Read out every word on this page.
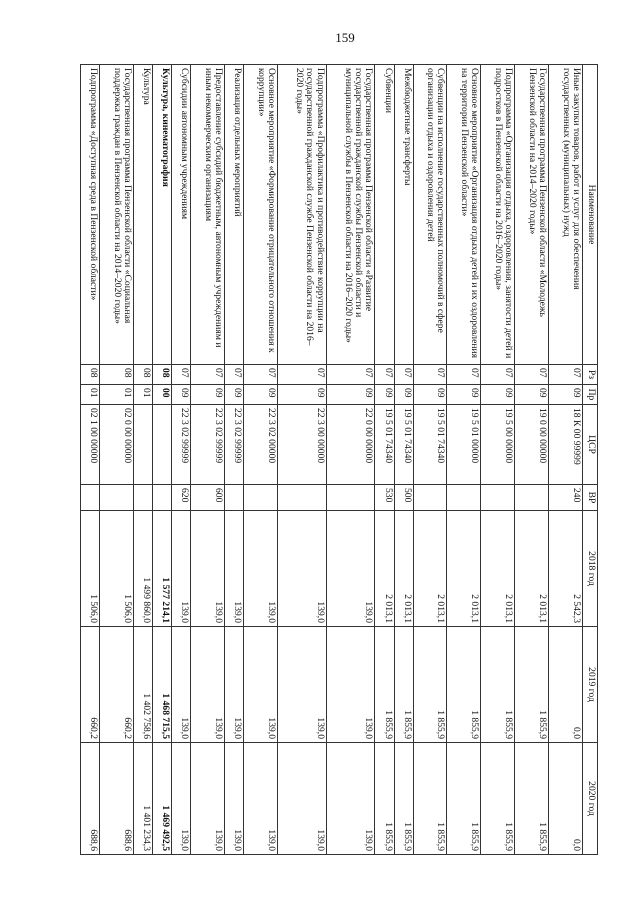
159
Наименование	Рз	Пр	ЦСР	ВР	2018 год	2019 год	2020 год
Иные закупки товаров, работ и услуг для обеспечения государственных (муниципальных) нужд	07	09	18 К 00 99999	240	2 542,3	0,0	0,0
Государственная программа Пензенской области «Молодежь Пензенской области на 2014–2020 годы»	07	09	19 0 00 00000		2 013,1	1 855,9	1 855,9
Подпрограмма «Организация отдыха, оздоровления, занятости детей и подростков в Пензенской области на 2016–2020 годы»	07	09	19 5 00 00000		2 013,1	1 855,9	1 855,9
Основное мероприятие «Организация отдыха детей и их оздоровления на территории Пензенской области»	07	09	19 5 01 00000		2 013,1	1 855,9	1 855,9
Субвенции на исполнение государственных полномочий в сфере организации отдыха и оздоровления детей	07	09	19 5 01 74340		2 013,1	1 855,9	1 855,9
Межбюджетные трансферты	07	09	19 5 01 74340	500	2 013,1	1 855,9	1 855,9
Субвенции	07	09	19 5 01 74340	530	2 013,1	1 855,9	1 855,9
Государственная программа Пензенской области «Развитие государственной гражданской службы Пензенской области и муниципальной службы в Пензенской области на 2016–2020 годы»	07	09	22 0 00 00000		139,0	139,0	139,0
Подпрограмма «Профилактика и противодействие коррупции на государственной гражданской службе Пензенской области на 2016–2020 годы»	07	09	22 3 00 00000		139,0	139,0	139,0
Основное мероприятие «Формирование отрицательного отношения к коррупции»	07	09	22 3 02 00000		139,0	139,0	139,0
Реализация отдельных мероприятий	07	09	22 3 02 99999		139,0	139,0	139,0
Предоставление субсидий бюджетным, автономным учреждениям и иным некоммерческим организациям	07	09	22 3 02 99999	600	139,0	139,0	139,0
Субсидии автономным учреждениям	07	09	22 3 02 99999	620	139,0	139,0	139,0
Культура, кинематография	08	00			1 577 214,1	1 468 715,5	1 469 492,5
Культура	08	01			1 499 860,0	1 402 758,6	1 401 234,3
Государственная программа Пензенской области «Социальная поддержка граждан в Пензенской области на 2014–2020 годы»	08	01	02 0 00 00000		1 506,0	660,2	688,6
Подпрограмма «Доступная среда в Пензенской области»	08	01	02 1 00 00000		1 506,0	660,2	688,6
